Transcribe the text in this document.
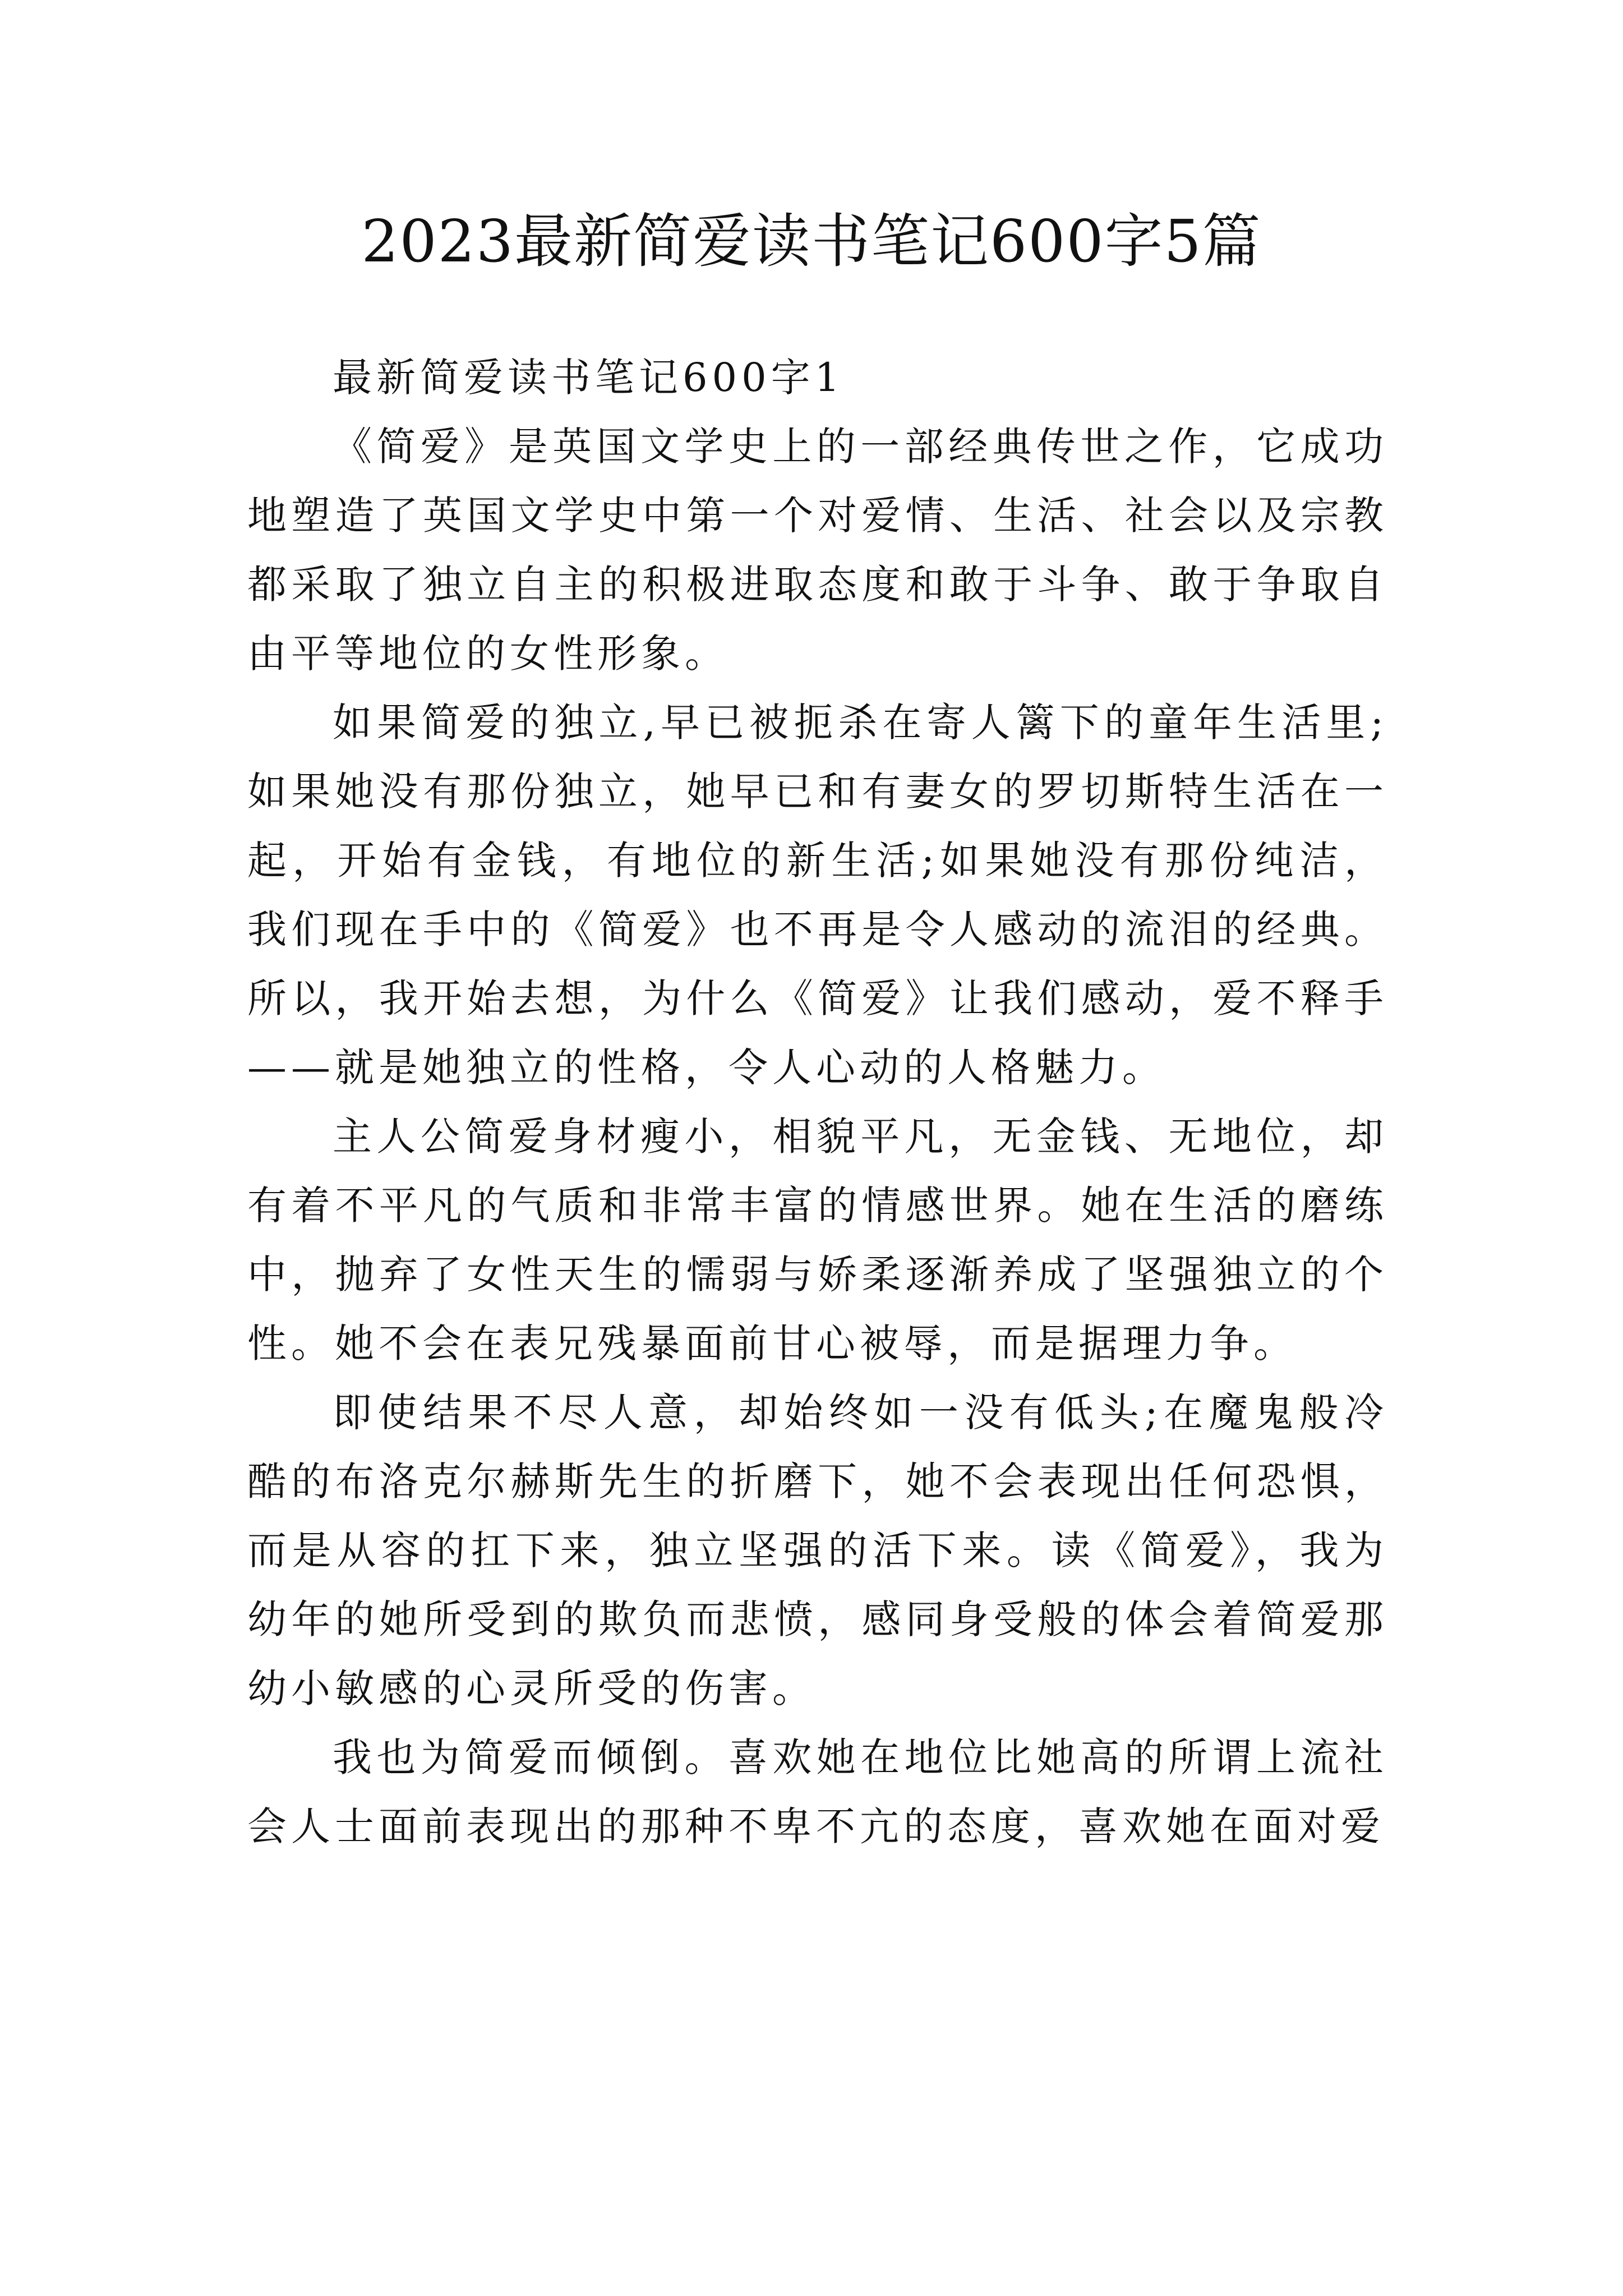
2023最新简爱读书笔记600字5篇

最新简爱读书笔记600字1

《简爱》是英国文学史上的一部经典传世之作，它成功地塑造了英国文学史中第一个对爱情、生活、社会以及宗教都采取了独立自主的积极进取态度和敢于斗争、敢于争取自由平等地位的女性形象。

如果简爱的独立,早已被扼杀在寄人篱下的童年生活里;如果她没有那份独立，她早已和有妻女的罗切斯特生活在一起，开始有金钱，有地位的新生活;如果她没有那份纯洁，我们现在手中的《简爱》也不再是令人感动的流泪的经典。所以，我开始去想，为什么《简爱》让我们感动，爱不释手——就是她独立的性格，令人心动的人格魅力。

主人公简爱身材瘦小，相貌平凡，无金钱、无地位，却有着不平凡的气质和非常丰富的情感世界。她在生活的磨练中，抛弃了女性天生的懦弱与娇柔逐渐养成了坚强独立的个性。她不会在表兄残暴面前甘心被辱，而是据理力争。

即使结果不尽人意，却始终如一没有低头;在魔鬼般冷酷的布洛克尔赫斯先生的折磨下，她不会表现出任何恐惧，而是从容的扛下来，独立坚强的活下来。读《简爱》，我为幼年的她所受到的欺负而悲愤，感同身受般的体会着简爱那幼小敏感的心灵所受的伤害。

我也为简爱而倾倒。喜欢她在地位比她高的所谓上流社会人士面前表现出的那种不卑不亢的态度，喜欢她在面对爱
